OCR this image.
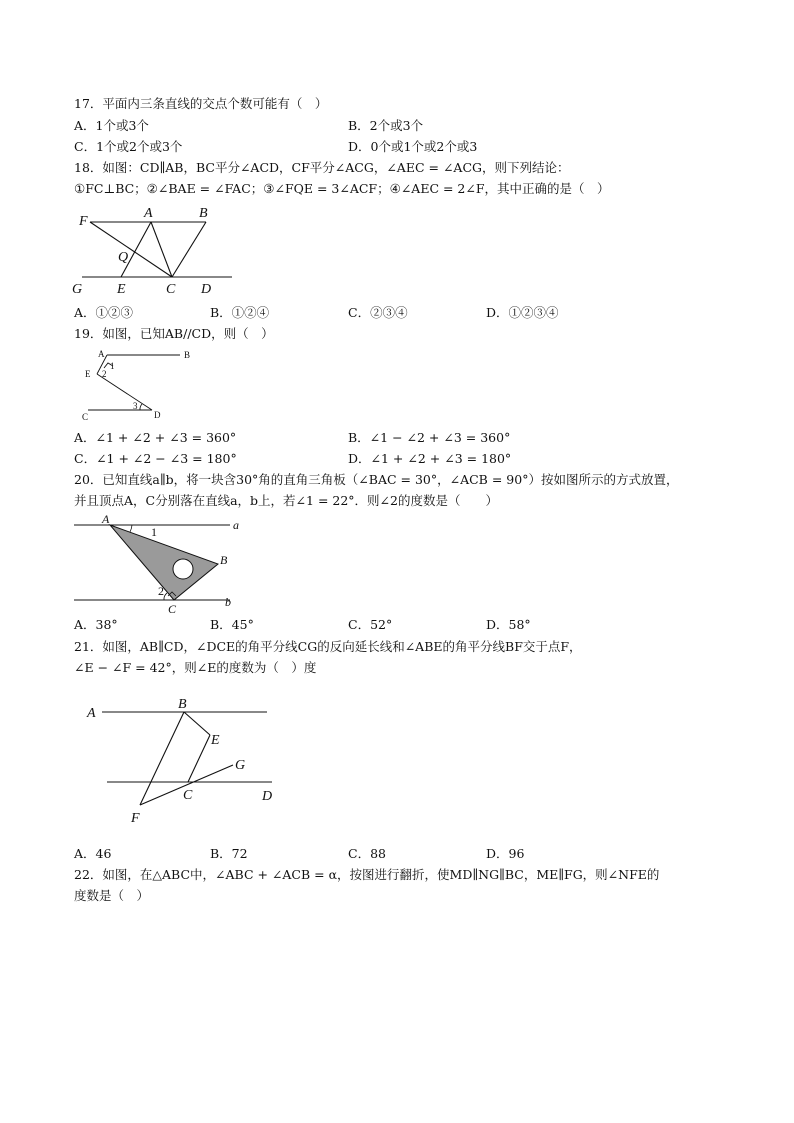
17．平面内三条直线的交点个数可能有（　）
A．1个或3个	B．2个或3个
C．1个或2个或3个	D．0个或1个或2个或3
18．如图：CD∥AB，BC平分∠ACD，CF平分∠ACG，∠AEC = ∠ACG，则下列结论：
①FC⊥BC；②∠BAE = ∠FAC；③∠FQE = 3∠ACF；④∠AEC = 2∠F，其中正确的是（　）
F
A	B
Q
G E	C D
A．①②③	B．①②④	C．②③④	D．①②③④
19．如图，已知AB//CD，则（　）
A	B
E
1
2
3
C	D
A．∠1 + ∠2 + ∠3 = 360°	B．∠1 − ∠2 + ∠3 = 360°
C．∠1 + ∠2 − ∠3 = 180°	D．∠1 + ∠2 + ∠3 = 180°
20．已知直线a∥b，将一块含30°角的直角三角板（∠BAC = 30°，∠ACB = 90°）按如图所示的方式放置，
并且顶点A，C分别落在直线a，b上，若∠1 = 22°．则∠2的度数是（　　）
A	a
1
B
2
C	b
A．38°	B．45°	C．52°	D．58°
21．如图，AB∥CD，∠DCE的角平分线CG的反向延长线和∠ABE的角平分线BF交于点F，
∠E − ∠F = 42°，则∠E的度数为（　）度
A
B
E
G
C	D
F
A．46	B．72	C．88	D．96
22．如图，在△ABC中，∠ABC + ∠ACB = α，按图进行翻折，使MD∥NG∥BC，ME∥FG，则∠NFE的
度数是（　）
